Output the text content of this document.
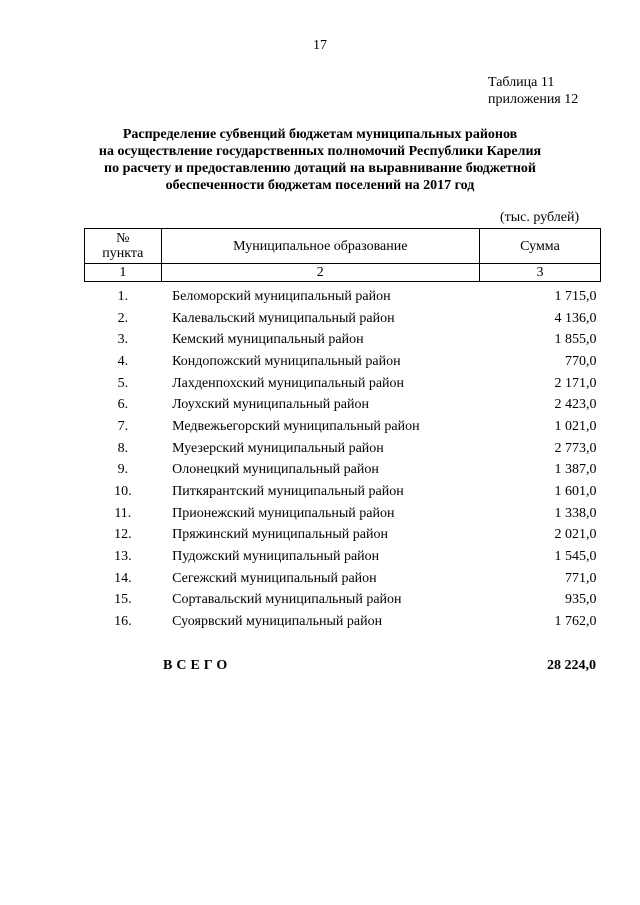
17
Таблица 11
приложения 12
Распределение субвенций бюджетам муниципальных районов
на осуществление государственных полномочий Республики Карелия
по расчету и предоставлению дотаций на выравнивание бюджетной
обеспеченности бюджетам поселений на 2017 год
(тыс. рублей)
№
пункта	Муниципальное образование	Сумма
1	2	3
1.	Беломорский муниципальный район	1 715,0
2.	Калевальский муниципальный район	4 136,0
3.	Кемский муниципальный район	1 855,0
4.	Кондопожский муниципальный район	770,0
5.	Лахденпохский муниципальный район	2 171,0
6.	Лоухский муниципальный район	2 423,0
7.	Медвежьегорский муниципальный район	1 021,0
8.	Муезерский муниципальный район	2 773,0
9.	Олонецкий муниципальный район	1 387,0
10.	Питкярантский муниципальный район	1 601,0
11.	Прионежский муниципальный район	1 338,0
12.	Пряжинский муниципальный район	2 021,0
13.	Пудожский муниципальный район	1 545,0
14.	Сегежский муниципальный район	771,0
15.	Сортавальский муниципальный район	935,0
16.	Суоярвский муниципальный район	1 762,0
ВСЕГО	28 224,0
